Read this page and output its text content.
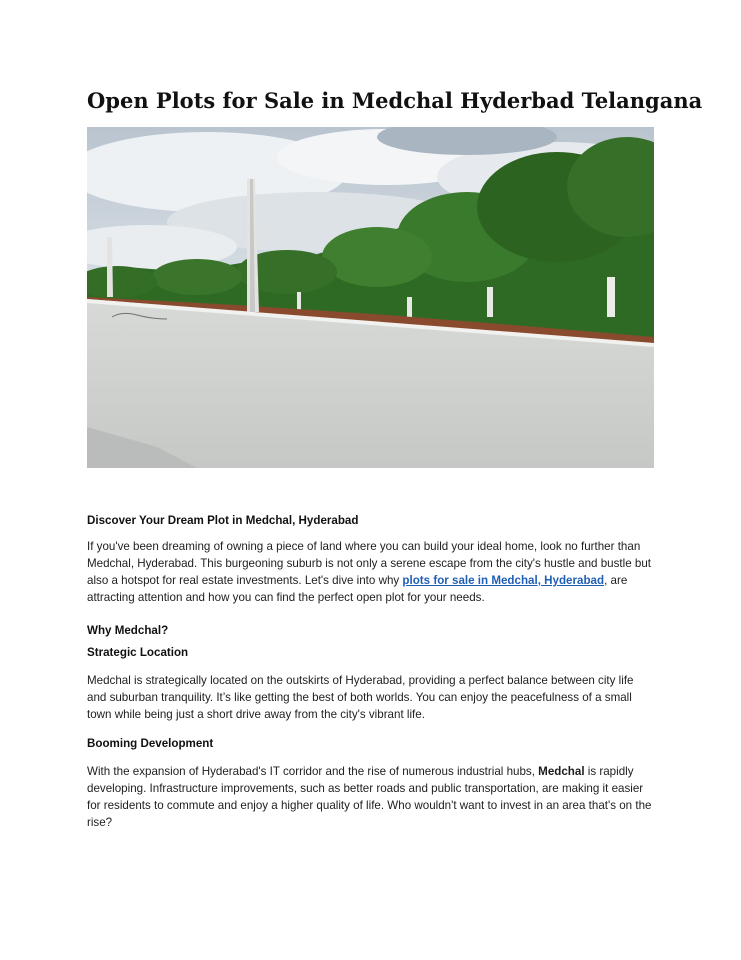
Open Plots for Sale in Medchal Hyderbad Telangana

Discover Your Dream Plot in Medchal, Hyderabad

If you've been dreaming of owning a piece of land where you can build your ideal home, look no further than Medchal, Hyderabad. This burgeoning suburb is not only a serene escape from the city's hustle and bustle but also a hotspot for real estate investments. Let's dive into why plots for sale in Medchal, Hyderabad, are attracting attention and how you can find the perfect open plot for your needs.

Why Medchal?

Strategic Location

Medchal is strategically located on the outskirts of Hyderabad, providing a perfect balance between city life and suburban tranquility. It’s like getting the best of both worlds. You can enjoy the peacefulness of a small town while being just a short drive away from the city's vibrant life.

Booming Development

With the expansion of Hyderabad's IT corridor and the rise of numerous industrial hubs, Medchal is rapidly developing. Infrastructure improvements, such as better roads and public transportation, are making it easier for residents to commute and enjoy a higher quality of life. Who wouldn't want to invest in an area that's on the rise?
